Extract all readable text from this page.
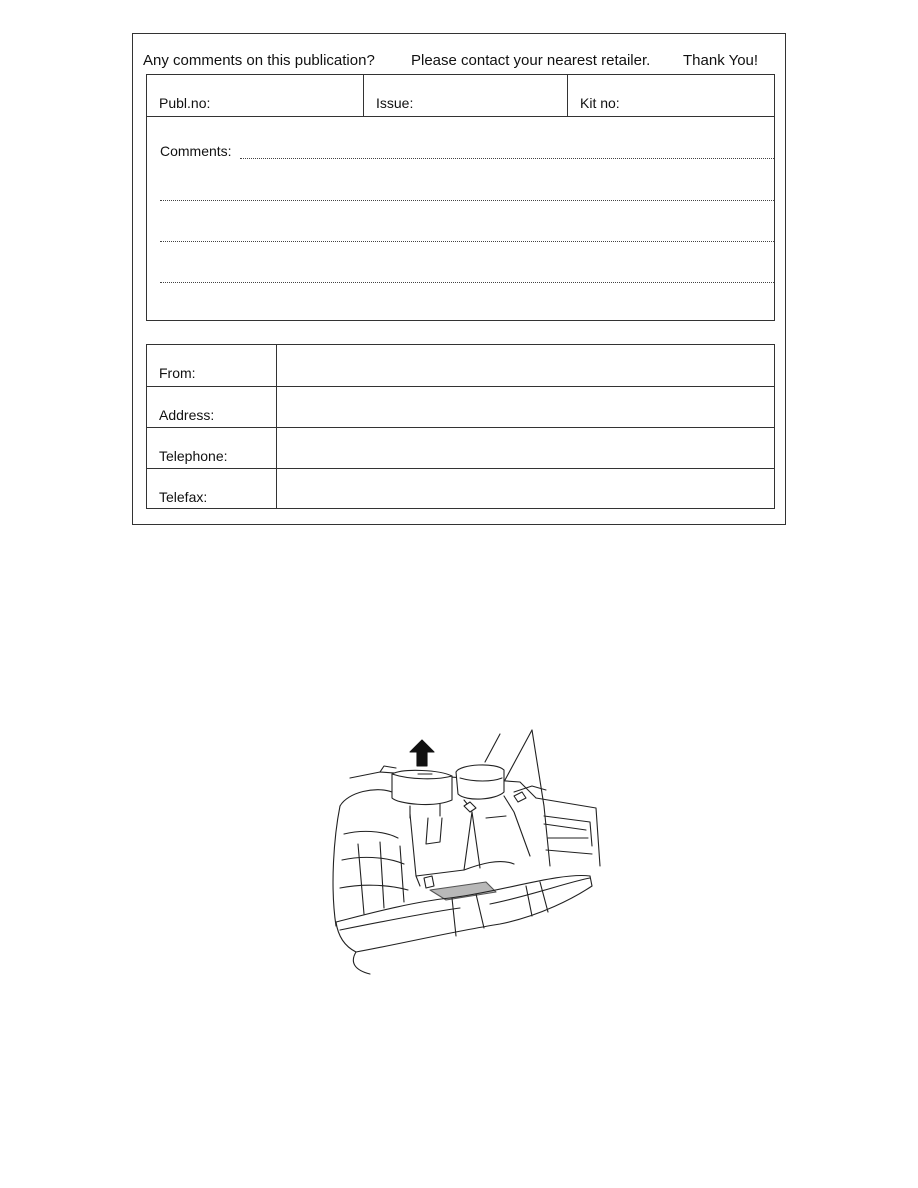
Any comments on this publication? Please contact your nearest retailer. Thank You!
Publ.no:	Issue:	Kit no:
Comments:
From:
Address:
Telephone:
Telefax:
